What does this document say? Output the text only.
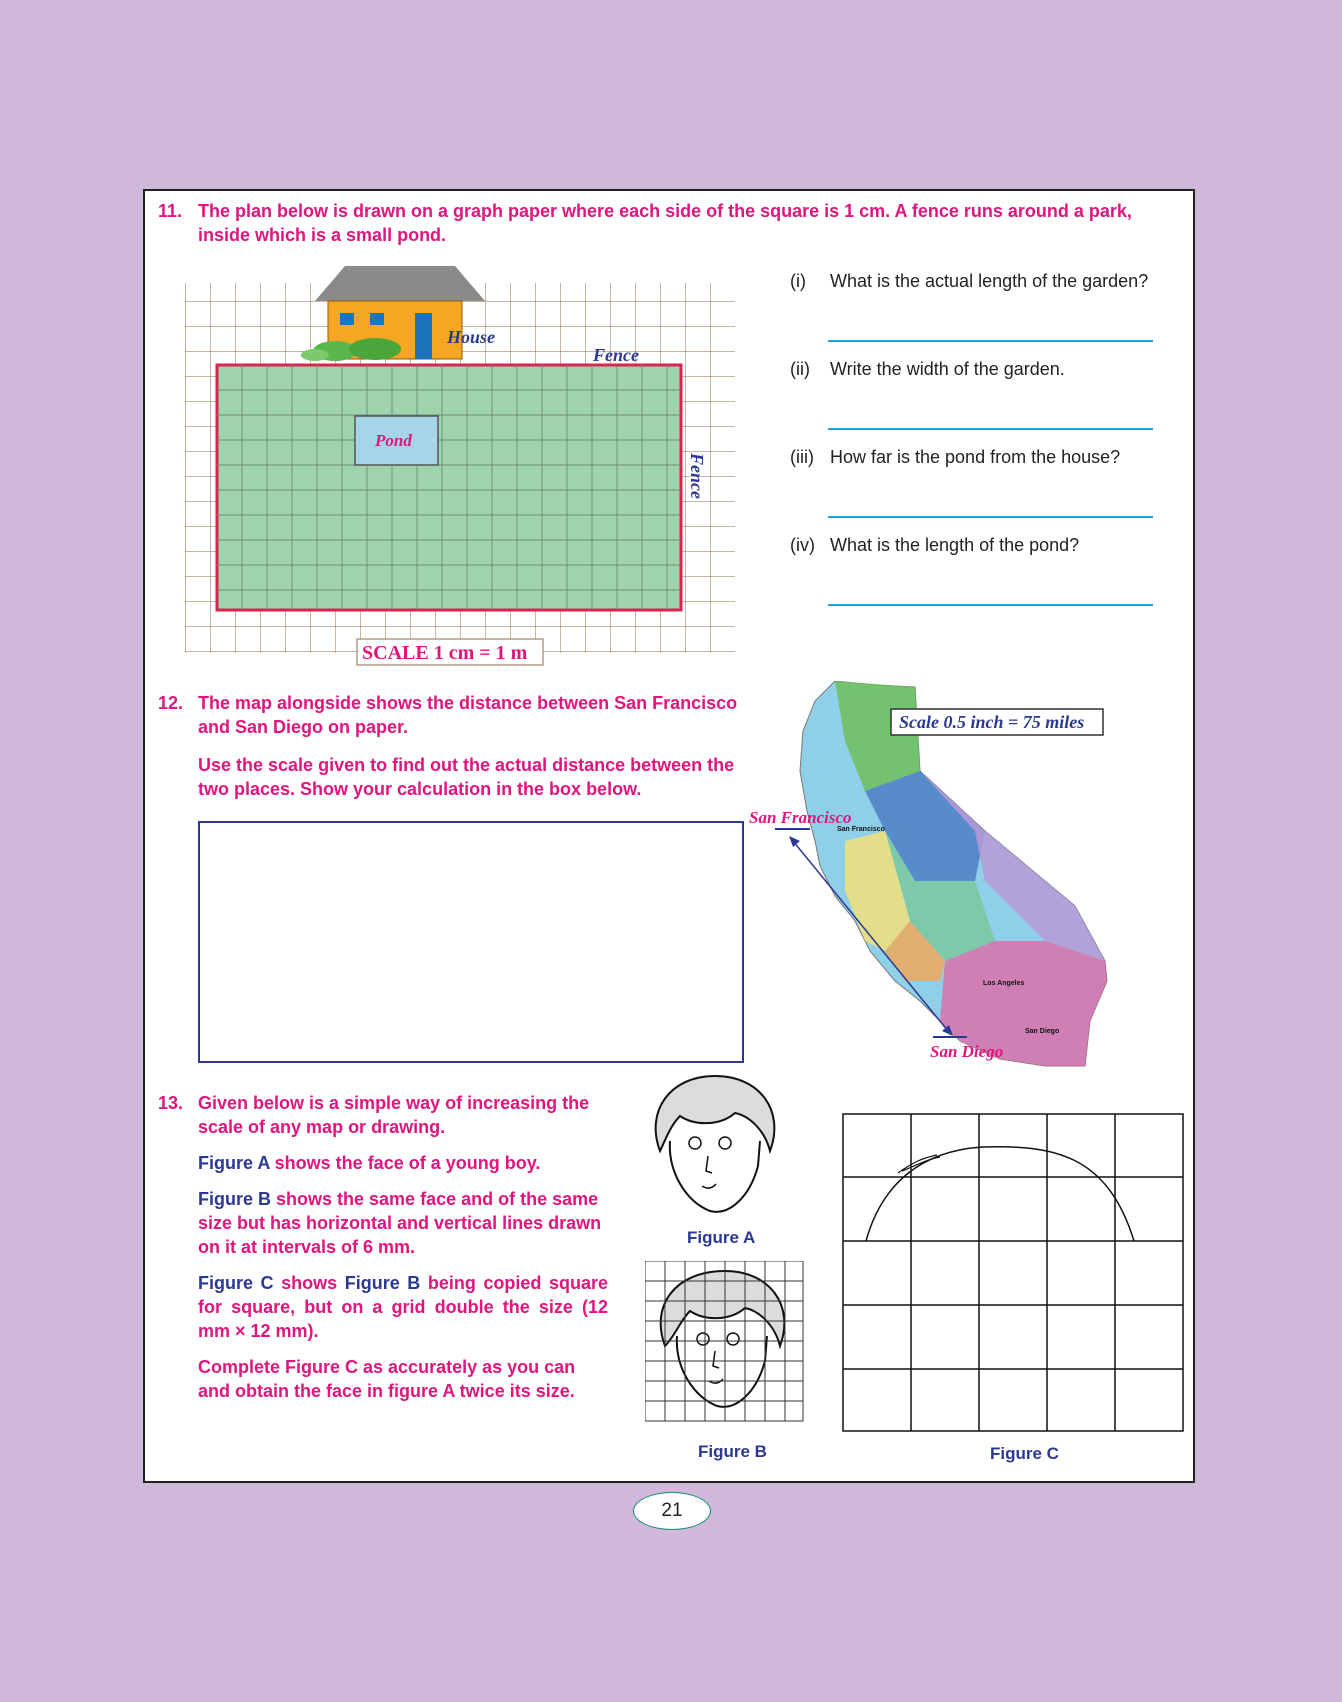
11. The plan below is drawn on a graph paper where each side of the square is 1 cm. A fence runs around a park, inside which is a small pond.
House
Fence
Fence
Pond
SCALE 1 cm = 1 m
(i) What is the actual length of the garden?
(ii) Write the width of the garden.
(iii) How far is the pond from the house?
(iv) What is the length of the pond?
12. The map alongside shows the distance between San Francisco and San Diego on paper.
Use the scale given to find out the actual distance between the two places. Show your calculation in the box below.
Scale 0.5 inch = 75 miles
San Francisco
San Francisco
Los Angeles
San Diego
San Diego
13. Given below is a simple way of increasing the scale of any map or drawing.
Figure A shows the face of a young boy.
Figure B shows the same face and of the same size but has horizontal and vertical lines drawn on it at intervals of 6 mm.
Figure C shows Figure B being copied square for square, but on a grid double the size (12 mm × 12 mm).
Complete Figure C as accurately as you can and obtain the face in figure A twice its size.
Figure A
Figure B	Figure C
21
